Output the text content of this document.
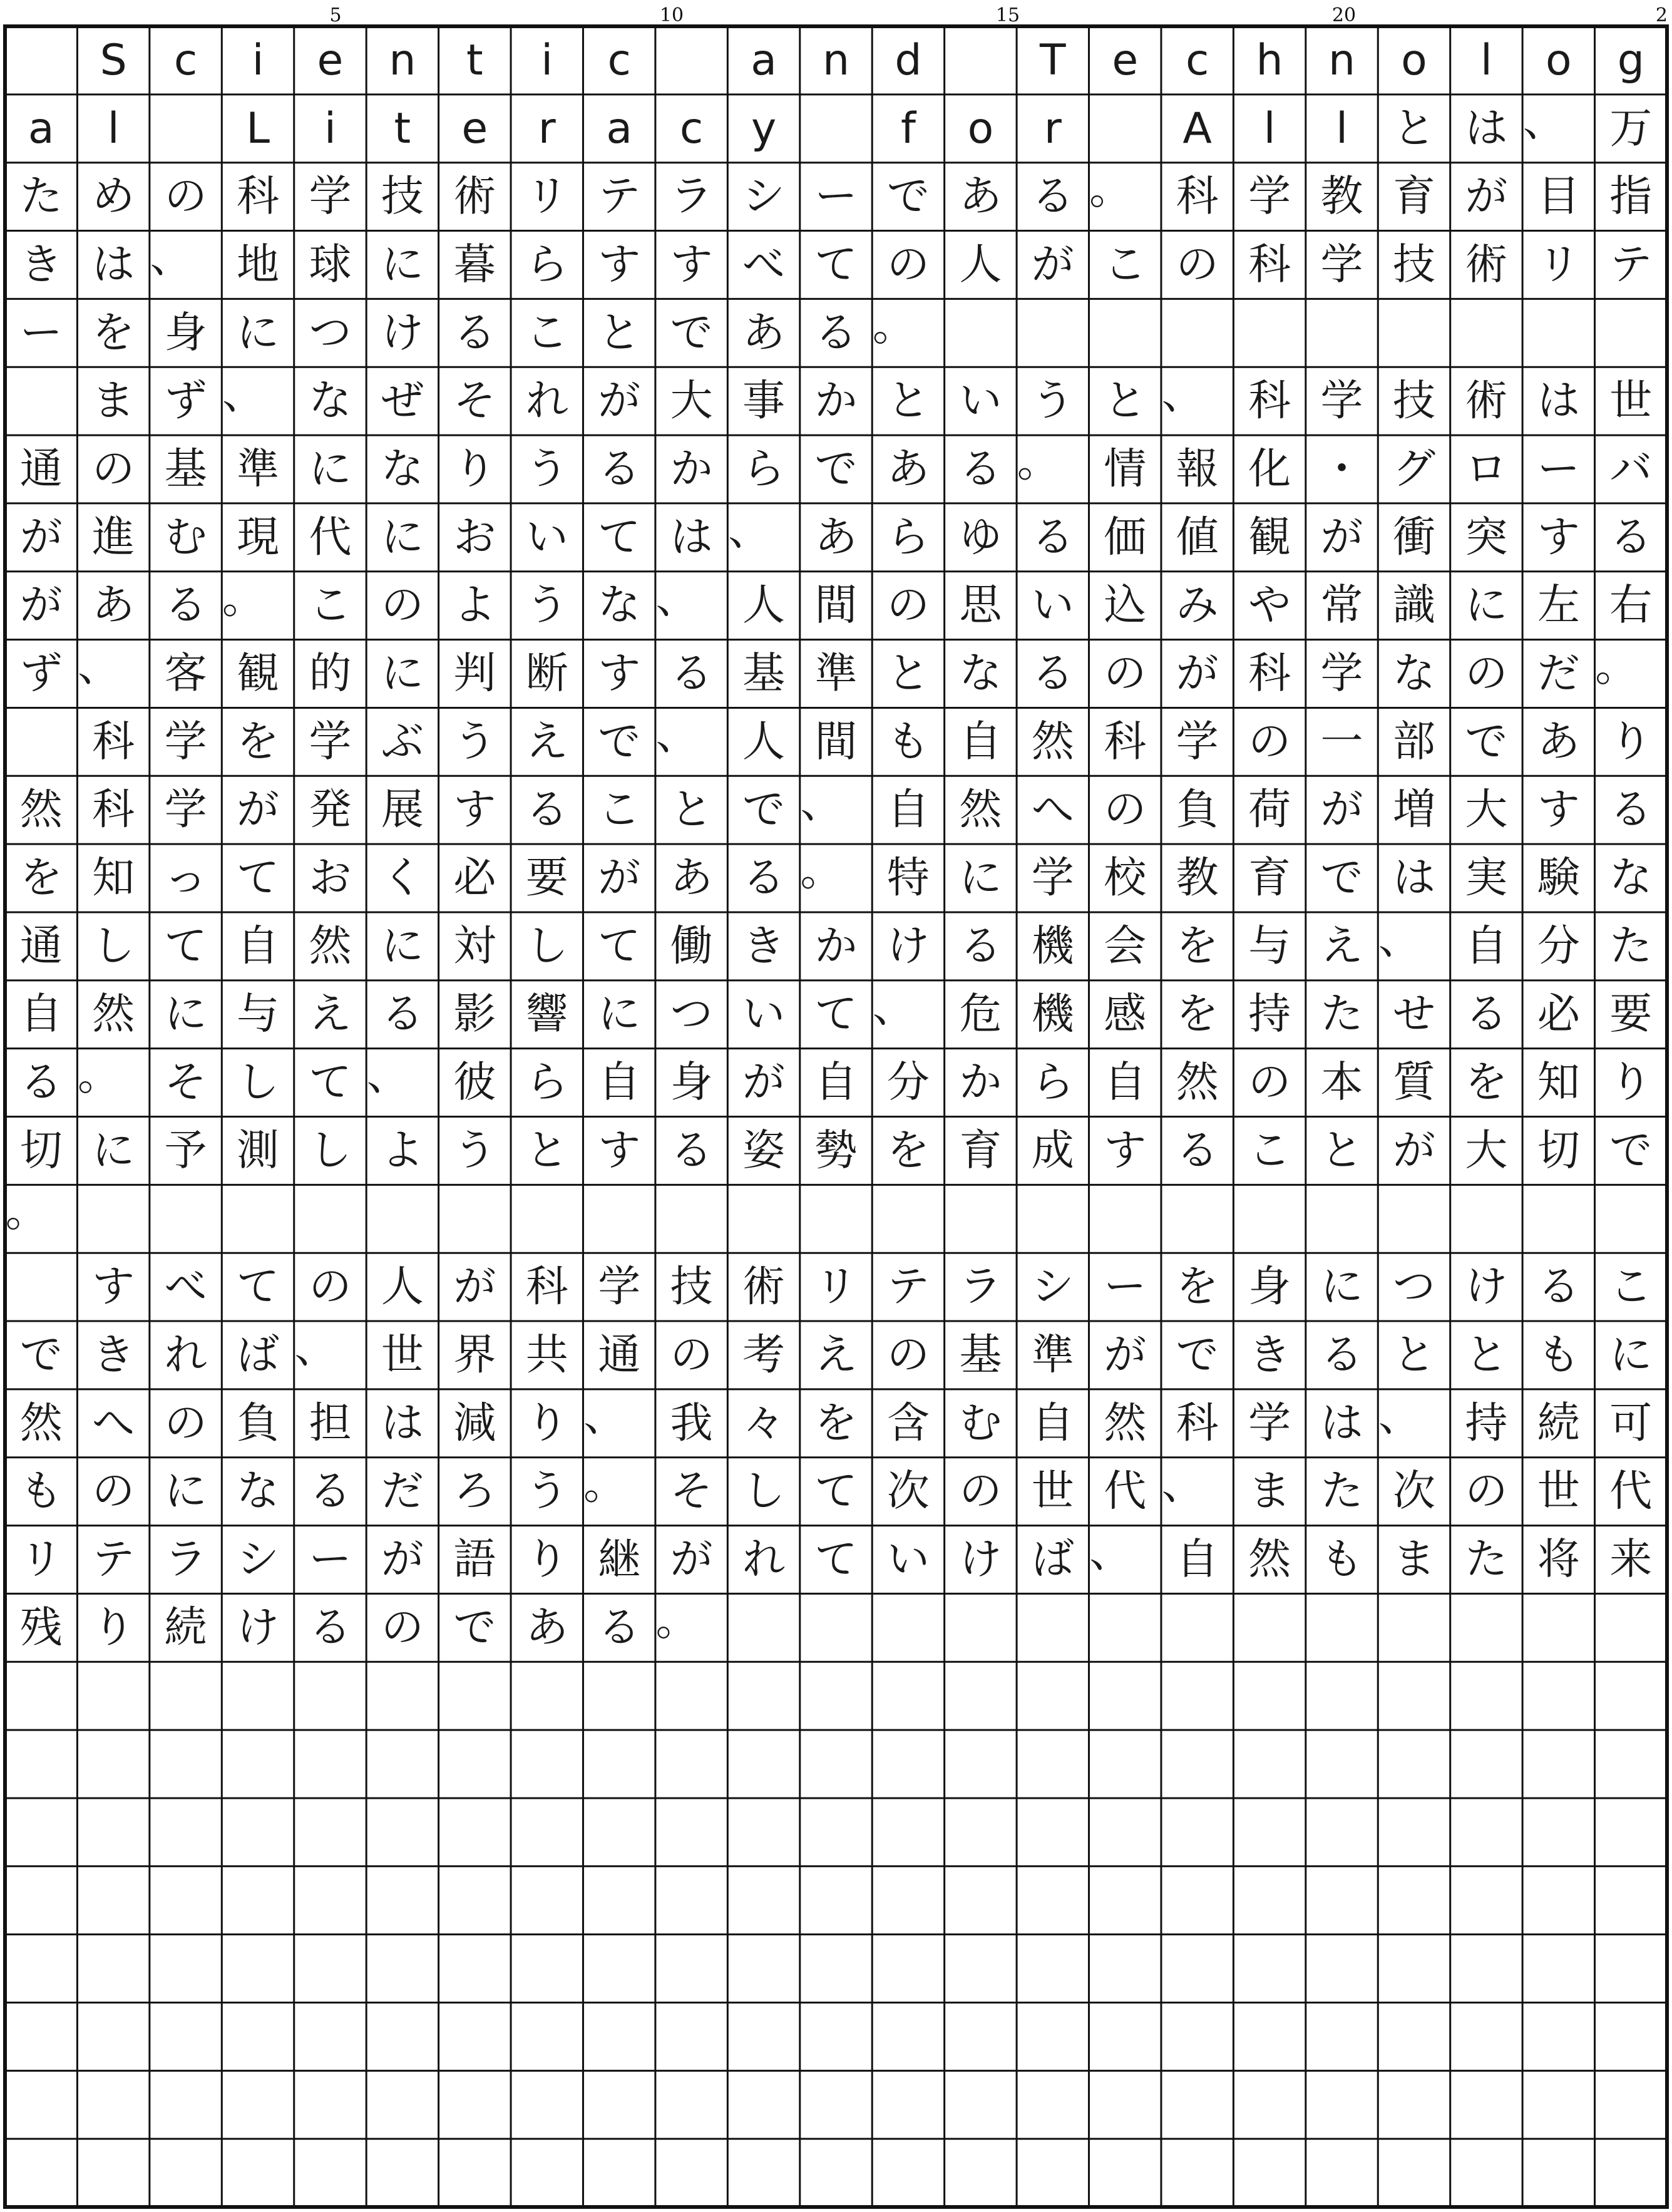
5	10	15	20	2
S c i e n t i c	a n d	T e c h n o l o g
a l	L i t e r a c y	f o r	A l l と は 、 万
た め の 科 学 技 術 リ テ ラ シ ー で あ る 。 科 学 教 育 が 目 指
き は 、 地 球 に 暮 ら す す べ て の 人 が こ の 科 学 技 術 リ テ
ー を 身 に つ け る こ と で あ る 。
ま ず 、 な ぜ そ れ が 大 事 か と い う と 、 科 学 技 術 は 世
通 の 基 準 に な り う る か ら で あ る 。 情 報 化 ・ グ ロ ー バ
が 進 む 現 代 に お い て は 、 あ ら ゆ る 価 値 観 が 衝 突 す る
が あ る 。 こ の よ う な 、 人 間 の 思 い 込 み や 常 識 に 左 右
ず 、 客 観 的 に 判 断 す る 基 準 と な る の が 科 学 な の だ 。
科 学 を 学 ぶ う え で 、 人 間 も 自 然 科 学 の 一 部 で あ り
然 科 学 が 発 展 す る こ と で 、 自 然 へ の 負 荷 が 増 大 す る
を 知 っ て お く 必 要 が あ る 。 特 に 学 校 教 育 で は 実 験 な
通 し て 自 然 に 対 し て 働 き か け る 機 会 を 与 え 、 自 分 た
自 然 に 与 え る 影 響 に つ い て 、 危 機 感 を 持 た せ る 必 要
る 。 そ し て 、 彼 ら 自 身 が 自 分 か ら 自 然 の 本 質 を 知 り
切 に 予 測 し よ う と す る 姿 勢 を 育 成 す る こ と が 大 切 で
。
す べ て の 人 が 科 学 技 術 リ テ ラ シ ー を 身 に つ け る こ
で き れ ば 、 世 界 共 通 の 考 え の 基 準 が で き る と と も に
然 へ の 負 担 は 減 り 、 我 々 を 含 む 自 然 科 学 は 、 持 続 可
も の に な る だ ろ う 。 そ し て 次 の 世 代 、 ま た 次 の 世 代
リ テ ラ シ ー が 語 り 継 が れ て い け ば 、 自 然 も ま た 将 来
残 り 続 け る の で あ る 。
